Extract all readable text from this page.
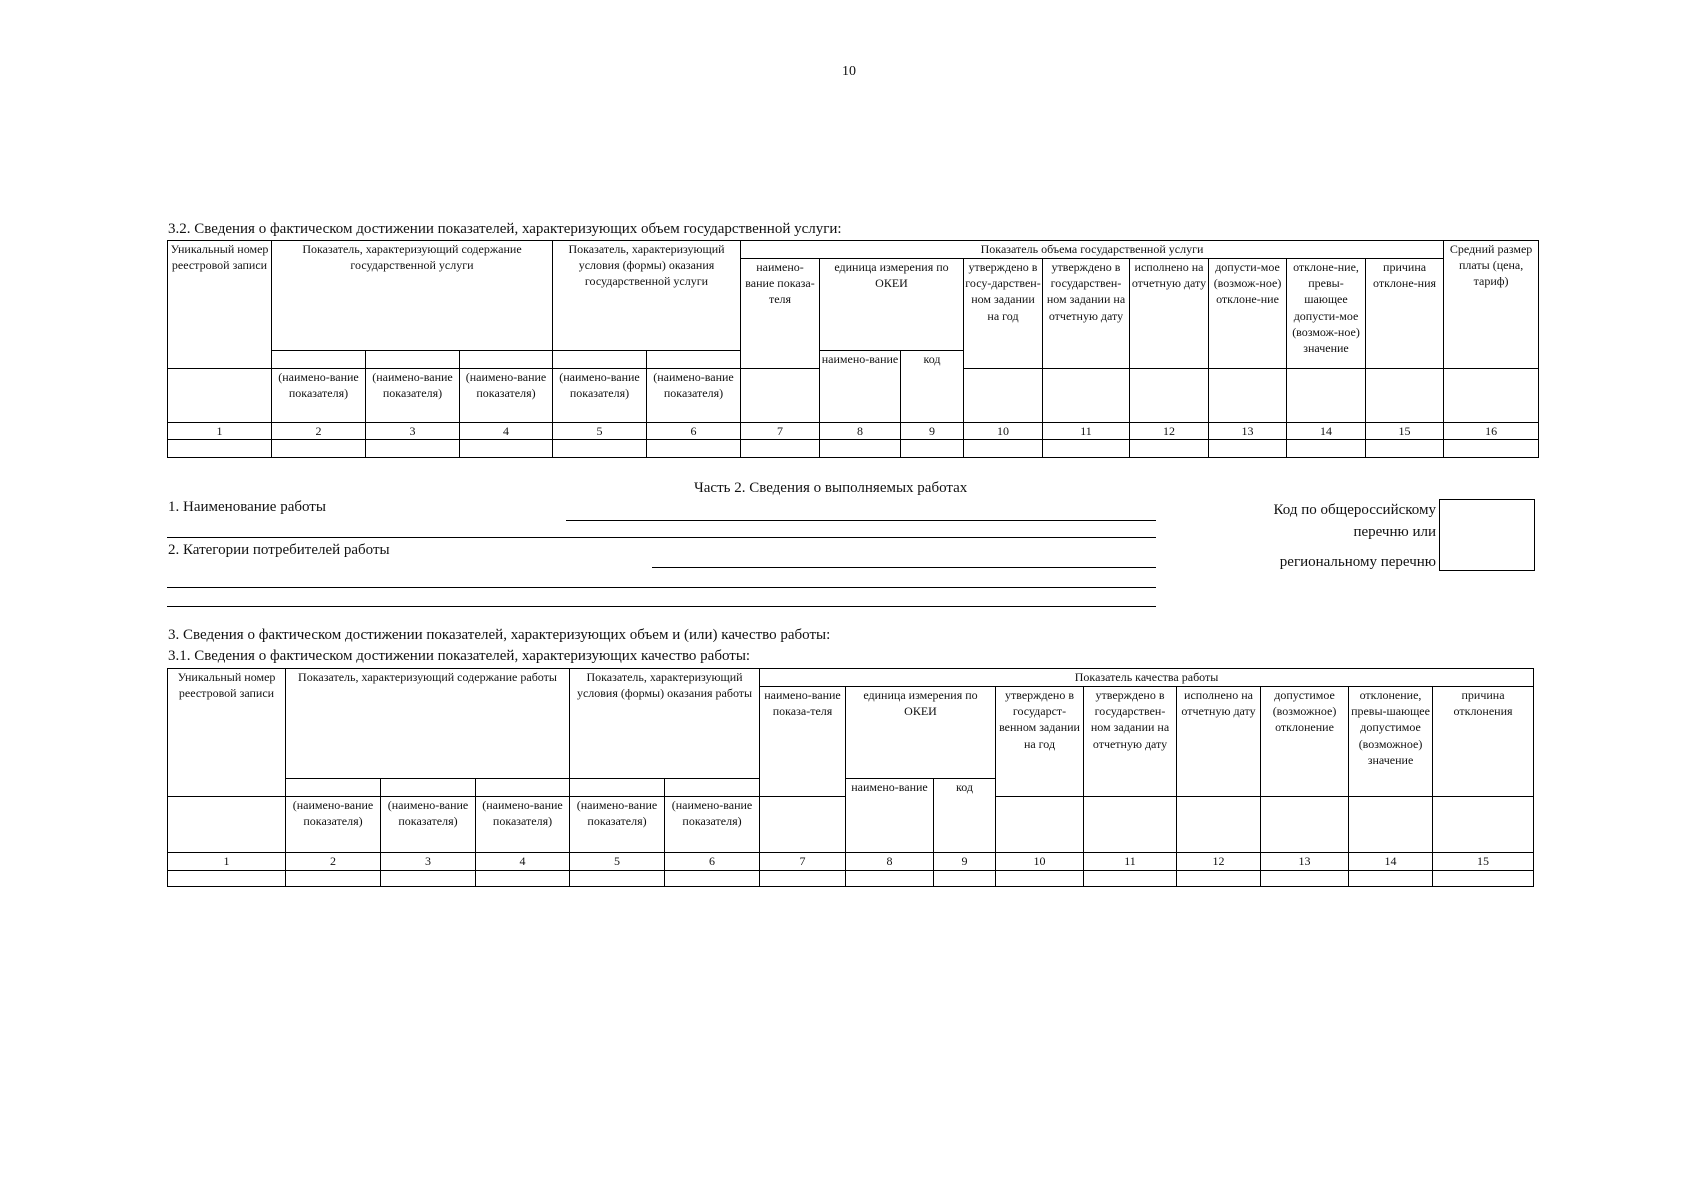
10
3.2. Сведения о фактическом достижении показателей, характеризующих объем государственной услуги:
Уникальный номер реестровой записи	Показатель, характеризующий содержание государственной услуги			Показатель, характеризующий условия (формы) оказания государственной услуги		Показатель объема государственной услуги									Средний размер платы (цена, тариф)
						наимено-вание показа-теля	единица измерения по ОКЕИ		утверждено в госу-дарствен-ном задании на год	утверждено в государствен-ном задании на отчетную дату	исполнено на отчетную дату	допусти-мое (возмож-ное) отклоне-ние	отклоне-ние, превы-шающее допусти-мое (возмож-ное) значение	причина отклоне-ния	
							наимено-вание	код							
	(наимено-вание показателя)	(наимено-вание показателя)	(наимено-вание показателя)	(наимено-вание показателя)	(наимено-вание показателя)										
1	2	3	4	5	6	7	8	9	10	11	12	13	14	15	16

Часть 2. Сведения о выполняемых работах
1. Наименование работы
2. Категории потребителей работы
Код по общероссийскому
перечню или
региональному перечню
3. Сведения о фактическом достижении показателей, характеризующих объем и (или) качество работы:
3.1. Сведения о фактическом достижении показателей, характеризующих качество работы:
Уникальный номер реестровой записи	Показатель, характеризующий содержание работы			Показатель, характеризующий условия (формы) оказания работы		Показатель качества работы								
						наимено-вание показа-теля	единица измерения по ОКЕИ		утверждено в государст-венном задании на год	утверждено в государствен-ном задании на отчетную дату	исполнено на отчетную дату	допустимое (возможное) отклонение	отклонение, превы-шающее допустимое (возможное) значение	причина отклонения
							наимено-вание	код						
	(наимено-вание показателя)	(наимено-вание показателя)	(наимено-вание показателя)	(наимено-вание показателя)	(наимено-вание показателя)									
1	2	3	4	5	6	7	8	9	10	11	12	13	14	15
